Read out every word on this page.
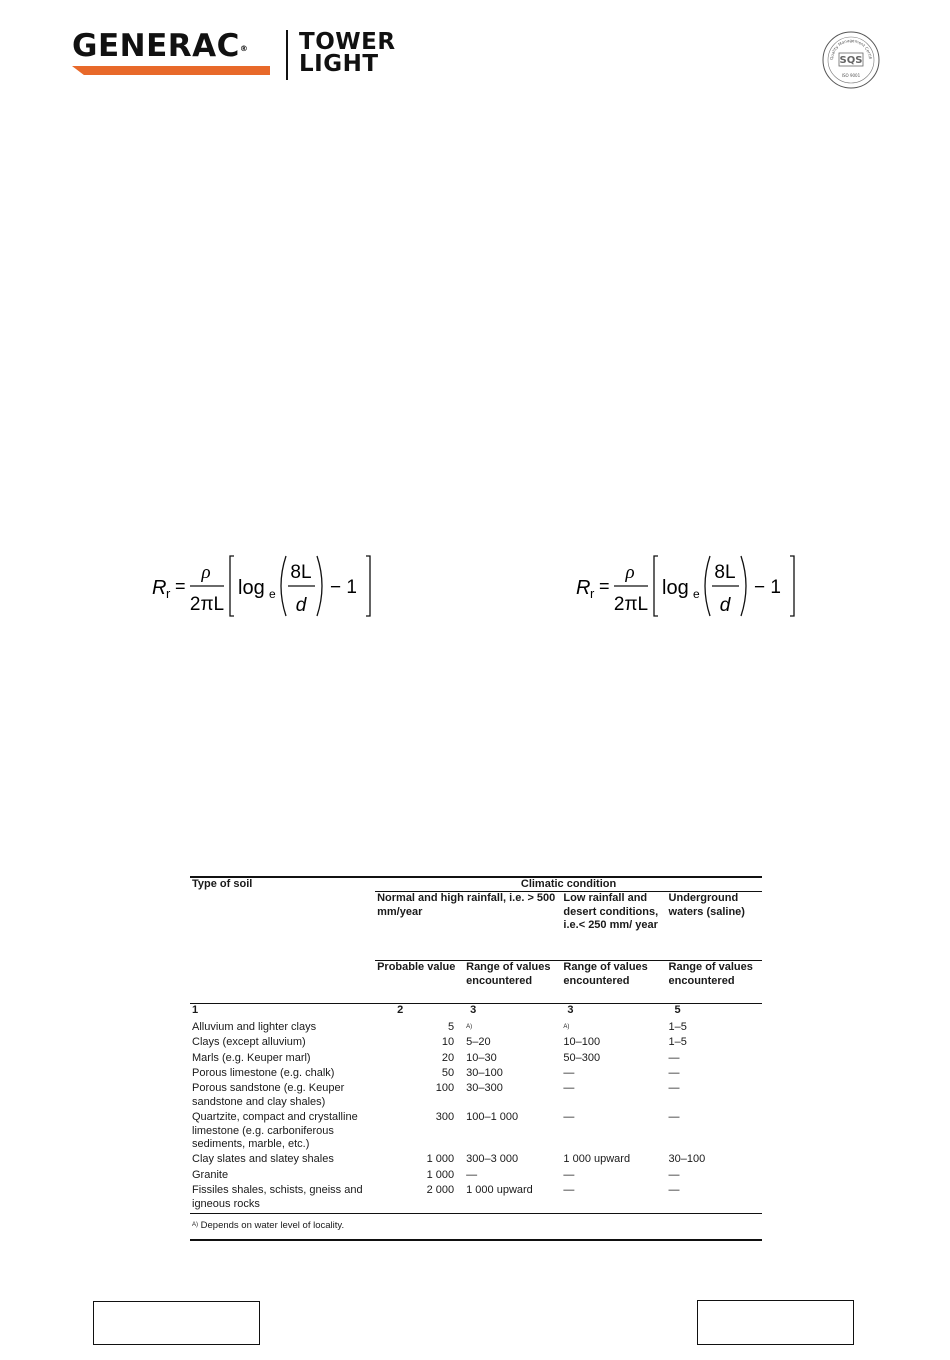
GENERAC® TOWER
LIGHT	Quality Management Certifi
SQS
ISO 9001
R r =
ρ
2πL
log e
8L
d
− 1	R r =
ρ
2πL
log e
8L
d
− 1
Type of soil	Climatic condition			
	Normal and high rainfall, i.e. > 500 mm/year		Low rainfall and desert conditions, i.e.< 250 mm/ year	Underground waters (saline)
	Probable value	Range of values encountered	Range of values encountered	Range of values encountered
1	2	3	3	5
Alluvium and lighter clays	5	$^{A)}$	$^{A)}$	1–5
Clays (except alluvium)	10	5–20	10–100	1–5
Marls (e.g. Keuper marl)	20	10–30	50–300	—
Porous limestone (e.g. chalk)	50	30–100	—	—
Porous sandstone (e.g. Keuper sandstone and clay shales)	100	30–300	—	—
Quartzite, compact and crystalline limestone (e.g. carboniferous sediments, marble, etc.)	300	100–1 000	—	—
Clay slates and slatey shales	1 000	300–3 000	1 000 upward	30–100
Granite	1 000	—	—	—
Fissiles shales, schists, gneiss and igneous rocks	2 000	1 000 upward	—	—
$^{A)}$ Depends on water level of locality.				
